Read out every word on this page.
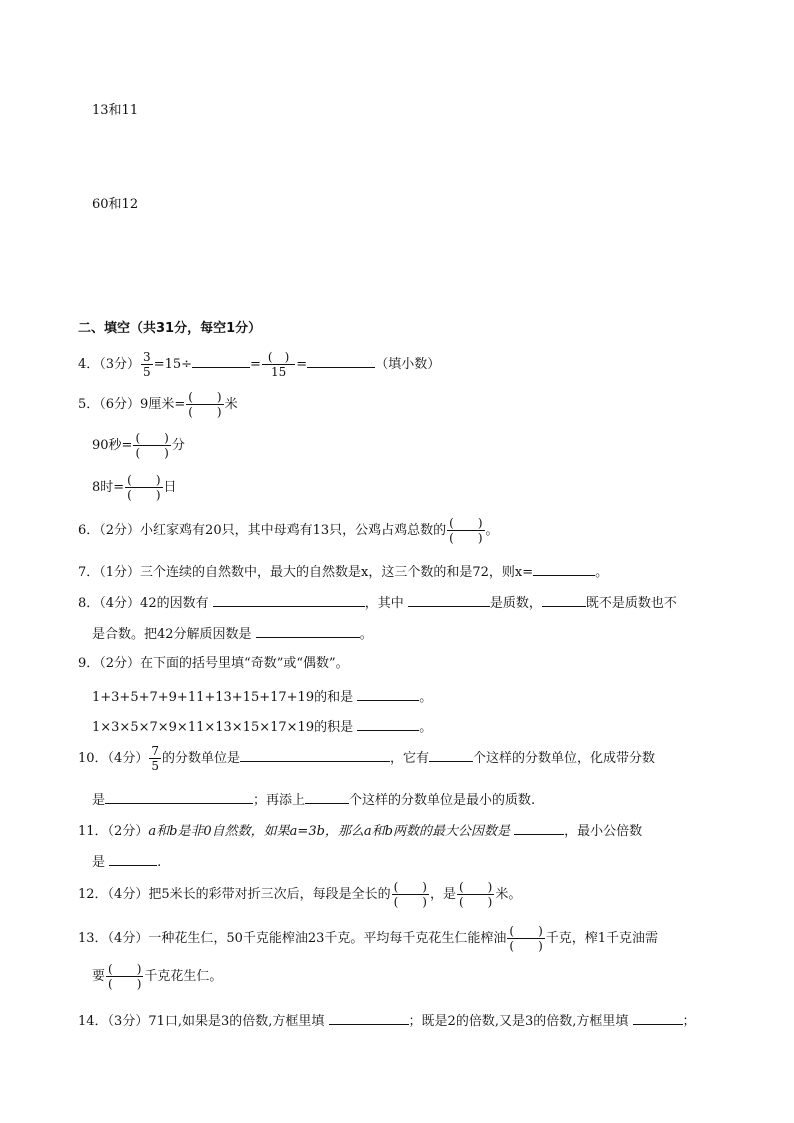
13和11
60和12
二、填空（共31分，每空1分）
4．（3分） $\frac{3}{5} =15\div$	= $\frac{( )}{15}$ =	（填小数）
5．（6分）9厘米= $\frac{( )}{( )}$ 米
90秒= $\frac{( )}{( )}$ 分
8时= $\frac{( )}{( )}$ 日
6．（2分）小红家鸡有20只，其中母鸡有13只，公鸡占鸡总数的 $\frac{( )}{( )}$ 。
7．（1分）三个连续的自然数中，最大的自然数是x，这三个数的和是72，则x=	。
8．（4分）42的因数有	，其中	是质数，	既不是质数也不
是合数。把42分解质因数是	。
9．（2分）在下面的括号里填“奇数”或“偶数”。
1+3+5+7+9+11+13+15+17+19的和是	。
1×3×5×7×9×11×13×15×17×19的积是	。
10．（4分） $\frac{7}{5}$ 的分数单位是	，它有	个这样的分数单位，化成带分数
是	；再添上	个这样的分数单位是最小的质数.
11．（2分）a和b是非0自然数，如果a=3b，那么a和b两数的最大公因数是	，最小公倍数
是	.
12．（4分）把5米长的彩带对折三次后，每段是全长的 $\frac{( )}{( )}$ ，是 $\frac{( )}{( )}$ 米。
13．（4分）一种花生仁，50千克能榨油23千克。平均每千克花生仁能榨油 $\frac{( )}{( )}$ 千克，榨1千克油需
要 $\frac{( )}{( )}$ 千克花生仁。
14．（3分）71口,如果是3的倍数,方框里填	；既是2的倍数,又是3的倍数,方框里填	；
